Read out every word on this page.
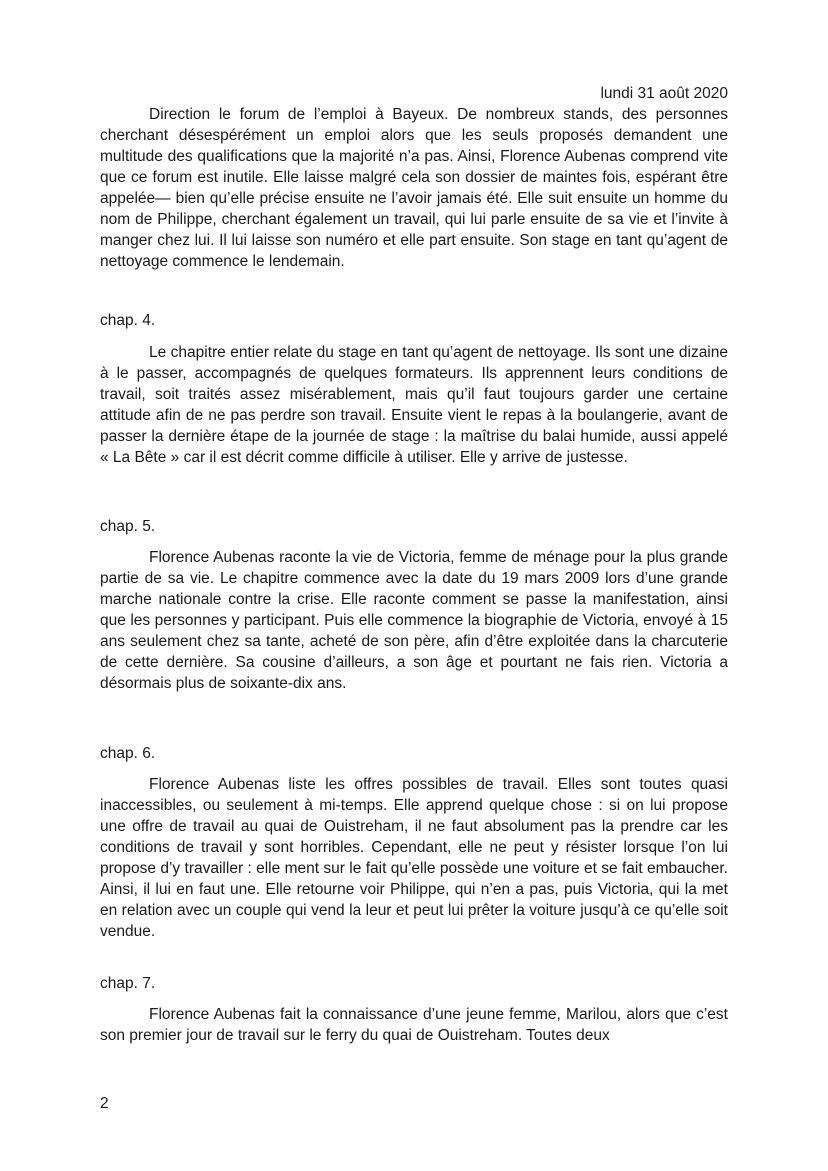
lundi 31 août 2020

Direction le forum de l’emploi à Bayeux. De nombreux stands, des personnes cherchant désespérément un emploi alors que les seuls proposés demandent une multitude des qualifications que la majorité n’a pas. Ainsi, Florence Aubenas comprend vite que ce forum est inutile. Elle laisse malgré cela son dossier de maintes fois, espérant être appelée— bien qu’elle précise ensuite ne l’avoir jamais été. Elle suit ensuite un homme du nom de Philippe, cherchant également un travail, qui lui parle ensuite de sa vie et l’invite à manger chez lui. Il lui laisse son numéro et elle part ensuite. Son stage en tant qu’agent de nettoyage commence le lendemain.

chap. 4.

Le chapitre entier relate du stage en tant qu’agent de nettoyage. Ils sont une dizaine à le passer, accompagnés de quelques formateurs. Ils apprennent leurs conditions de travail, soit traités assez misérablement, mais qu’il faut toujours garder une certaine attitude afin de ne pas perdre son travail. Ensuite vient le repas à la boulangerie, avant de passer la dernière étape de la journée de stage : la maîtrise du balai humide, aussi appelé « La Bête » car il est décrit comme difficile à utiliser. Elle y arrive de justesse.

chap. 5.

Florence Aubenas raconte la vie de Victoria, femme de ménage pour la plus grande partie de sa vie. Le chapitre commence avec la date du 19 mars 2009 lors d’une grande marche nationale contre la crise. Elle raconte comment se passe la manifestation, ainsi que les personnes y participant. Puis elle commence la biographie de Victoria, envoyé à 15 ans seulement chez sa tante, acheté de son père, afin d’être exploitée dans la charcuterie de cette dernière. Sa cousine d’ailleurs, a son âge et pourtant ne fais rien. Victoria a désormais plus de soixante-dix ans.

chap. 6.

Florence Aubenas liste les offres possibles de travail. Elles sont toutes quasi inaccessibles, ou seulement à mi-temps. Elle apprend quelque chose : si on lui propose une offre de travail au quai de Ouistreham, il ne faut absolument pas la prendre car les conditions de travail y sont horribles. Cependant, elle ne peut y résister lorsque l’on lui propose d’y travailler : elle ment sur le fait qu’elle possède une voiture et se fait embaucher. Ainsi, il lui en faut une. Elle retourne voir Philippe, qui n’en a pas, puis Victoria, qui la met en relation avec un couple qui vend la leur et peut lui prêter la voiture jusqu’à ce qu’elle soit vendue.

chap. 7.

Florence Aubenas fait la connaissance d’une jeune femme, Marilou, alors que c’est son premier jour de travail sur le ferry du quai de Ouistreham. Toutes deux

2
